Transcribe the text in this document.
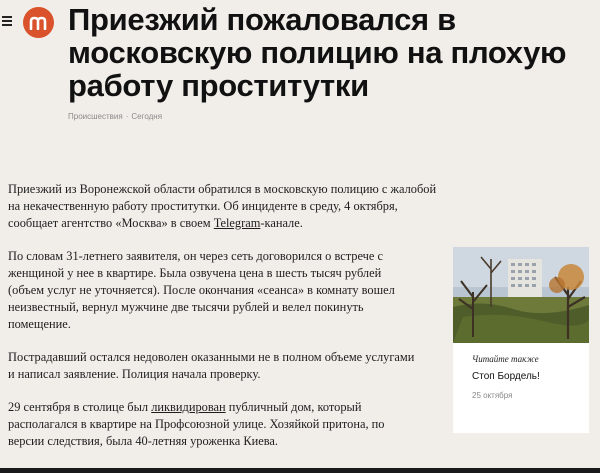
Приезжий пожаловался в московскую полицию на плохую работу проститутки
Происшествия · Сегодня

Приезжий из Воронежской области обратился в московскую полицию с жалобой на некачественную работу проститутки. Об инциденте в среду, 4 октября, сообщает агентство «Москва» в своем Telegram-канале.

По словам 31-летнего заявителя, он через сеть договорился о встрече с женщиной у нее в квартире. Была озвучена цена в шесть тысяч рублей (объем услуг не уточняется). После окончания «сеанса» в комнату вошел неизвестный, вернул мужчине две тысячи рублей и велел покинуть помещение.

Пострадавший остался недоволен оказанными не в полном объеме услугами и написал заявление. Полиция начала проверку.

29 сентября в столице был ликвидирован публичный дом, который располагался в квартире на Профсоюзной улице. Хозяйкой притона, по версии следствия, была 40-летняя уроженка Киева.

Читайте также
Стоп Бордель!
25 октября
